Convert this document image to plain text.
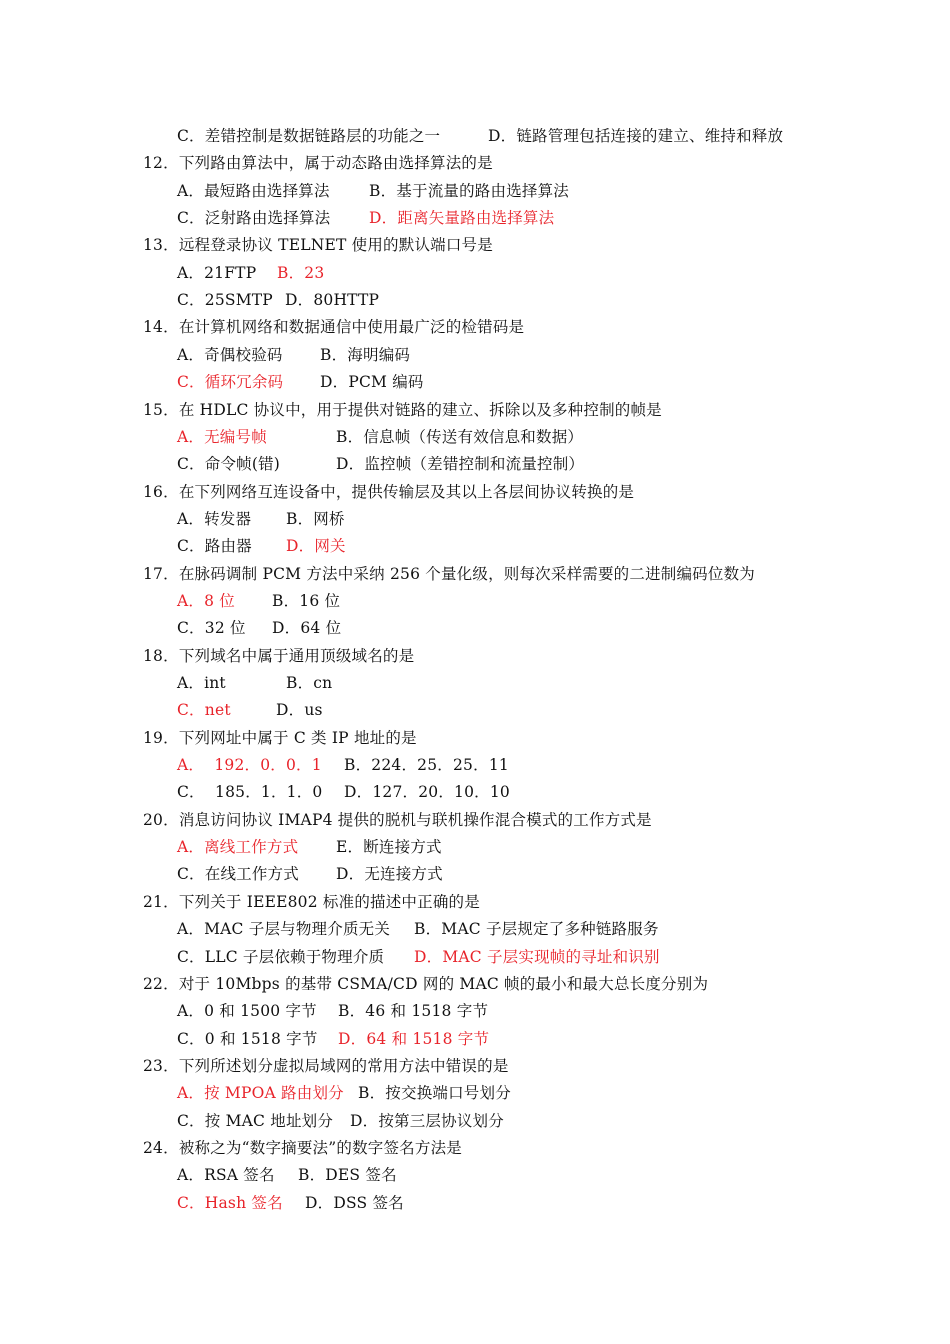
C．差错控制是数据链路层的功能之一	D．链路管理包括连接的建立、维持和释放
12．下列路由算法中，属于动态路由选择算法的是
A．最短路由选择算法	B．基于流量的路由选择算法
C．泛射路由选择算法 D．距离矢量路由选择算法
13．远程登录协议 TELNET 使用的默认端口号是
A．21FTP B．23
C．25SMTP D．80HTTP
14．在计算机网络和数据通信中使用最广泛的检错码是
A．奇偶校验码 B．海明编码
C．循环冗余码 D．PCM 编码
15．在 HDLC 协议中，用于提供对链路的建立、拆除以及多种控制的帧是
A．无编号帧	B．信息帧（传送有效信息和数据）
C．命令帧(错)	D．监控帧（差错控制和流量控制）
16．在下列网络互连设备中，提供传输层及其以上各层间协议转换的是
A．转发器 B．网桥
C．路由器 D．网关
17．在脉码调制 PCM 方法中采纳 256 个量化级，则每次采样需要的二进制编码位数为
A．8 位 B．16 位
C．32 位 D．64 位
18．下列域名中属于通用顶级域名的是
A．int	B．cn
C．net	D．us
19．下列网址中属于 C 类 IP 地址的是
A．  192．0．0．1 B．224．25．25．11
C．  185．1．1．0 D．127．20．10．10
20．消息访问协议 IMAP4 提供的脱机与联机操作混合模式的工作方式是
A．离线工作方式 E．断连接方式
C．在线工作方式 D．无连接方式
21．下列关于 IEEE802 标准的描述中正确的是
A．MAC 子层与物理介质无关 B．MAC 子层规定了多种链路服务
C．LLC 子层依赖于物理介质 D．MAC 子层实现帧的寻址和识别
22．对于 10Mbps 的基带 CSMA/CD 网的 MAC 帧的最小和最大总长度分别为
A．0 和 1500 字节 B．46 和 1518 字节
C．0 和 1518 字节 D．64 和 1518 字节
23．下列所述划分虚拟局域网的常用方法中错误的是
A．按 MPOA 路由划分 B．按交换端口号划分
C．按 MAC 地址划分 D．按第三层协议划分
24．被称之为“数字摘要法”的数字签名方法是
A．RSA 签名 B．DES 签名
C．Hash 签名 D．DSS 签名
